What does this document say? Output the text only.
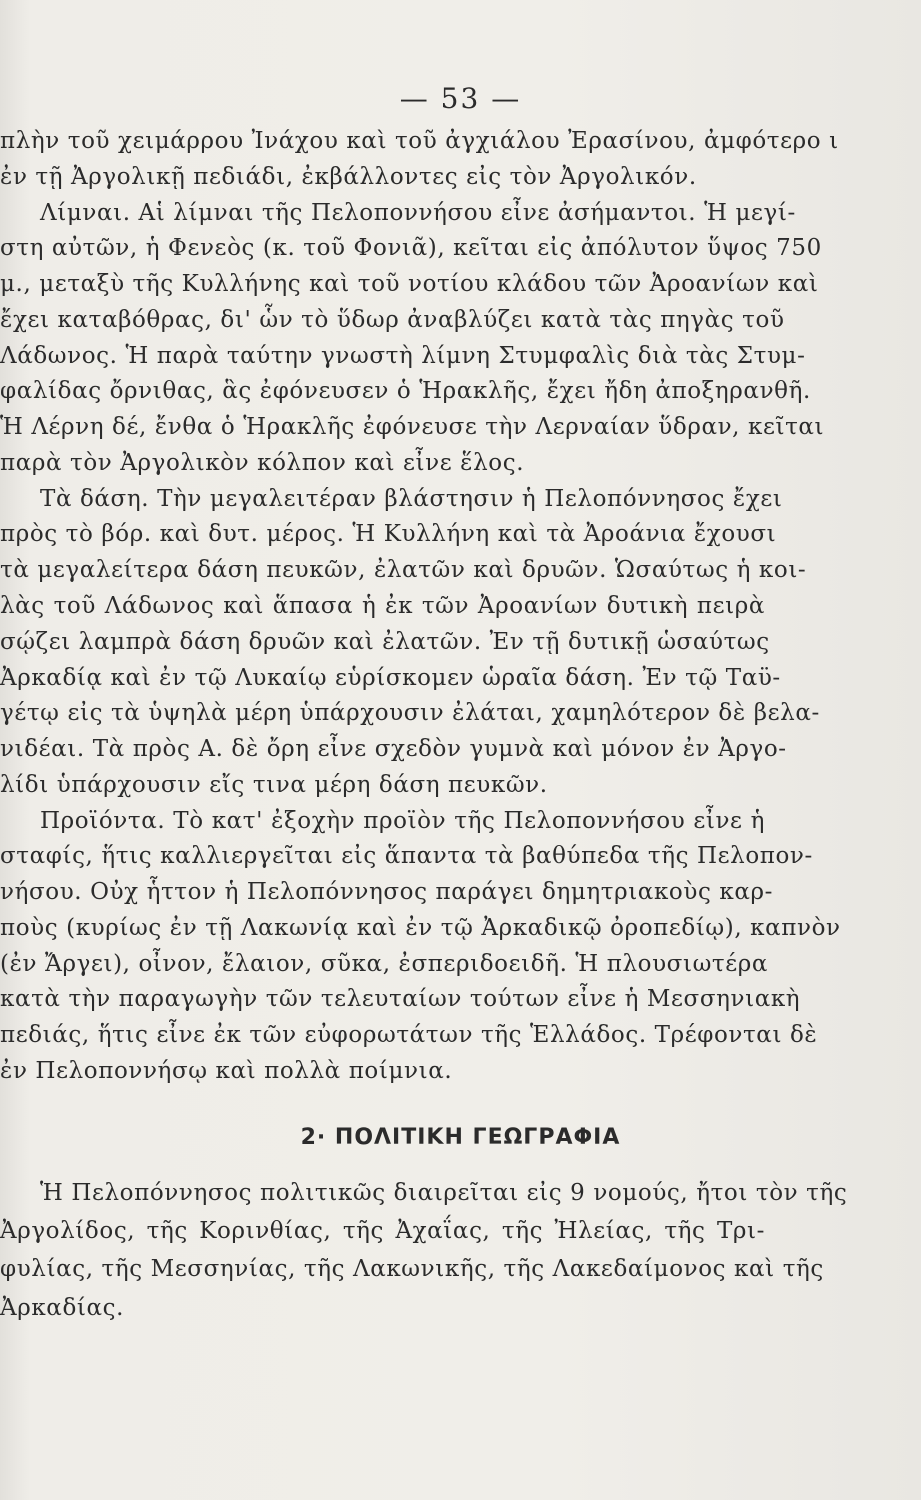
— 53 —
πλὴν τοῦ χειμάρρου Ἰνάχου καὶ τοῦ ἀγχιάλου Ἐρασίνου, ἀμφότερο ι
ἐν τῇ Ἀργολικῇ πεδιάδι, ἐκβάλλοντες εἰς τὸν Ἀργολικόν.
Λίμναι. Αἱ λίμναι τῆς Πελοποννήσου εἶνε ἀσήμαντοι. Ἡ μεγί-
στη αὐτῶν, ἡ Φενεὸς (κ. τοῦ Φονιᾶ), κεῖται εἰς ἀπόλυτον ὕψος 750
μ., μεταξὺ τῆς Κυλλήνης καὶ τοῦ νοτίου κλάδου τῶν Ἀροανίων καὶ
ἔχει καταβόθρας, δι' ὧν τὸ ὕδωρ ἀναβλύζει κατὰ τὰς πηγὰς τοῦ
Λάδωνος. Ἡ παρὰ ταύτην γνωστὴ λίμνη Στυμφαλὶς διὰ τὰς Στυμ-
φαλίδας ὄρνιθας, ἃς ἐφόνευσεν ὁ Ἡρακλῆς, ἔχει ἤδη ἀποξηρανθῆ.
Ἡ Λέρνη δέ, ἔνθα ὁ Ἡρακλῆς ἐφόνευσε τὴν Λερναίαν ὕδραν, κεῖται
παρὰ τὸν Ἀργολικὸν κόλπον καὶ εἶνε ἕλος.
Τὰ δάση. Τὴν μεγαλειτέραν βλάστησιν ἡ Πελοπόννησος ἔχει
πρὸς τὸ βόρ. καὶ δυτ. μέρος. Ἡ Κυλλήνη καὶ τὰ Ἀροάνια ἔχουσι
τὰ μεγαλείτερα δάση πευκῶν, ἐλατῶν καὶ δρυῶν. Ὡσαύτως ἡ κοι-
λὰς τοῦ Λάδωνος καὶ ἅπασα ἡ ἐκ τῶν Ἀροανίων δυτικὴ πειρὰ
σῴζει λαμπρὰ δάση δρυῶν καὶ ἐλατῶν. Ἐν τῇ δυτικῇ ὡσαύτως
Ἀρκαδίᾳ καὶ ἐν τῷ Λυκαίῳ εὑρίσκομεν ὡραῖα δάση. Ἐν τῷ Ταϋ-
γέτῳ εἰς τὰ ὑψηλὰ μέρη ὑπάρχουσιν ἐλάται, χαμηλότερον δὲ βελα-
νιδέαι. Τὰ πρὸς Α. δὲ ὄρη εἶνε σχεδὸν γυμνὰ καὶ μόνον ἐν Ἀργο-
λίδι ὑπάρχουσιν εἴς τινα μέρη δάση πευκῶν.
Προϊόντα. Τὸ κατ' ἐξοχὴν προϊὸν τῆς Πελοποννήσου εἶνε ἡ
σταφίς, ἥτις καλλιεργεῖται εἰς ἅπαντα τὰ βαθύπεδα τῆς Πελοπον-
νήσου. Οὐχ ἧττον ἡ Πελοπόννησος παράγει δημητριακοὺς καρ-
ποὺς (κυρίως ἐν τῇ Λακωνίᾳ καὶ ἐν τῷ Ἀρκαδικῷ ὀροπεδίῳ), καπνὸν
(ἐν Ἄργει), οἶνον, ἔλαιον, σῦκα, ἐσπεριδοειδῆ. Ἡ πλουσιωτέρα
κατὰ τὴν παραγωγὴν τῶν τελευταίων τούτων εἶνε ἡ Μεσσηνιακὴ
πεδιάς, ἥτις εἶνε ἐκ τῶν εὐφορωτάτων τῆς Ἑλλάδος. Τρέφονται δὲ
2· ΠΟΛΙΤΙΚΗ ΓΕΩΓΡΑΦΙΑ
Ἡ Πελοπόννησος πολιτικῶς διαιρεῖται εἰς 9 νομούς, ἤτοι τὸν τῆς
Ἀργολίδος, τῆς Κορινθίας, τῆς Ἀχαΐας, τῆς Ἠλείας, τῆς Τρι-
φυλίας, τῆς Μεσσηνίας, τῆς Λακωνικῆς, τῆς Λακεδαίμονος καὶ τῆς
Ἀρκαδίας.
ἐν Πελοποννήσῳ καὶ πολλὰ ποίμνια.
